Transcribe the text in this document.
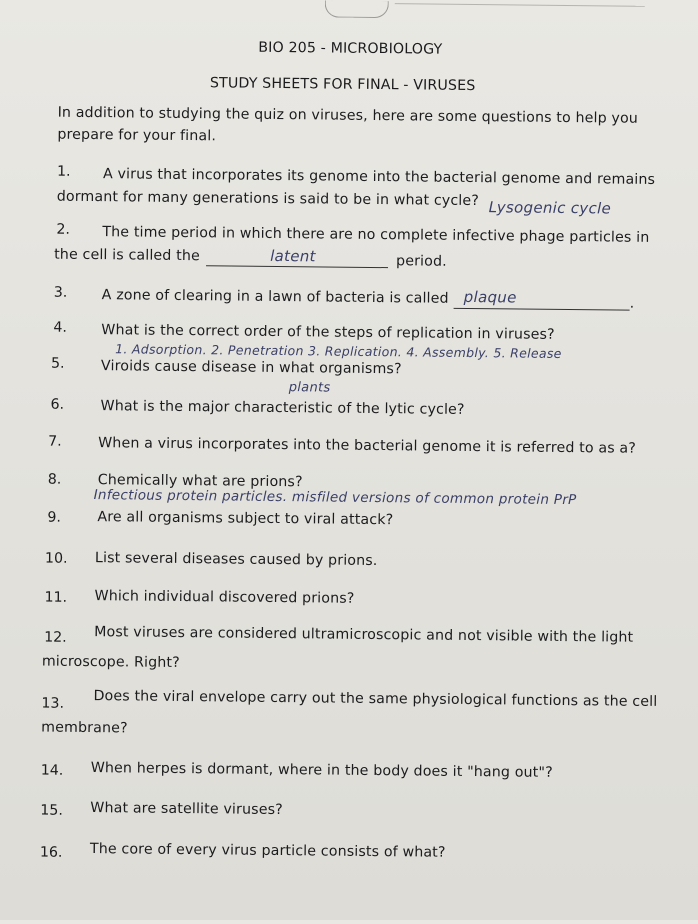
BIO 205 - MICROBIOLOGY
STUDY SHEETS FOR FINAL - VIRUSES
In addition to studying the quiz on viruses, here are some questions to help you
prepare for your final.
1. A virus that incorporates its genome into the bacterial genome and remains
dormant for many generations is said to be in what cycle? Lysogenic cycle
2. The time period in which there are no complete infective phage particles in
the cell is called the	latent	period.
3. A zone of clearing in a lawn of bacteria is called plaque	.
4. What is the correct order of the steps of replication in viruses?
1. Adsorption. 2. Penetration 3. Replication. 4. Assembly. 5. Release
5.	Viroids cause disease in what organisms?
plants
6.	What is the major characteristic of the lytic cycle?
7.	When a virus incorporates into the bacterial genome it is referred to as a?
8.	Chemically what are prions?
Infectious protein particles. misfiled versions of common protein PrP
9.	Are all organisms subject to viral attack?
10. List several diseases caused by prions.
11. Which individual discovered prions?
12. Most viruses are considered ultramicroscopic and not visible with the light
microscope. Right?
13. Does the viral envelope carry out the same physiological functions as the cell
membrane?
14. When herpes is dormant, where in the body does it "hang out"?
15. What are satellite viruses?
16. The core of every virus particle consists of what?
